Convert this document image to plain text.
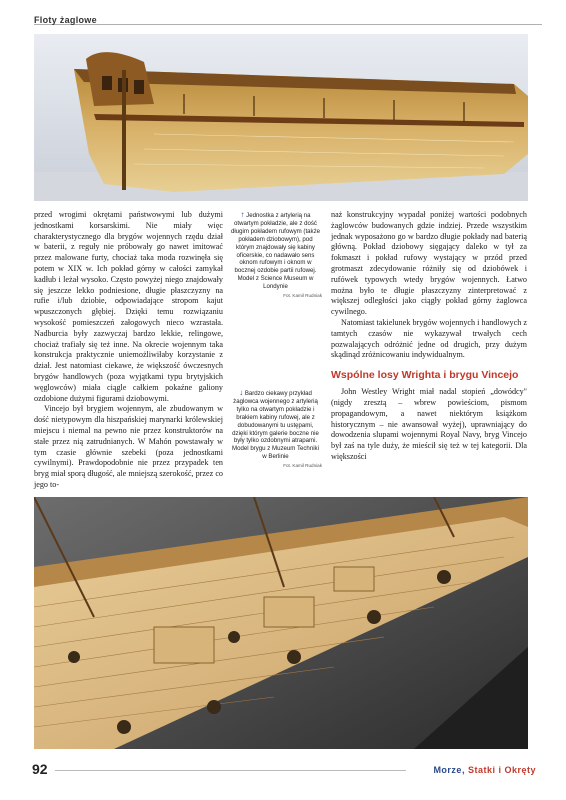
Floty żaglowe

przed wrogimi okrętami państwowymi lub dużymi jednostkami korsarskimi. Nie miały więc charakterystycznego dla brygów wojennych rzędu dział w baterii, z reguły nie próbowały go nawet imitować przez malowane furty, chociaż taka moda rozwinęła się potem w XIX w. Ich pokład górny w całości zamykał kadłub i leżał wysoko. Często powyżej niego znajdowały się jeszcze lekko podniesione, długie płaszczyzny na rufie i/lub dziobie, odpowiadające stropom kajut wpuszczonych głębiej. Dzięki temu rozwiązaniu wysokość pomieszczeń załogowych nieco wzrastała. Nadburcia były zazwyczaj bardzo lekkie, relingowe, chociaż trafiały się też inne. Na okrecie wojennym taka konstrukcja praktycznie uniemożliwiłaby korzystanie z dział. Jest natomiast ciekawe, że większość ówczesnych brygów handlowych (poza wyjątkami typu brytyjskich węglowców) miała ciągle całkiem pokaźne galiony ozdobione dużymi figurami dziobowymi.

Vincejo był brygiem wojennym, ale zbudowanym w dość nietypowym dla hiszpańskiej marynarki królewskiej miejscu i niemal na pewno nie przez konstruktorów na stałe przez nią zatrudnianych. W Mahón powstawały w tym czasie głównie szebeki (poza jednostkami cywilnymi). Prawdopodobnie nie przez przypadek ten bryg miał sporą długość, ale mniejszą szerokość, przez co jego to-

↑ Jednostka z artylerią na otwartym pokładzie, ale z dość długim pokładem rufowym (także pokładem dziobowym), pod którym znajdowały się kabiny oficerskie, co nadawało sens oknom rufowym i oknom w bocznej ozdobie partii rufowej. Model z Science Museum w Londynie
Fot. Kamil Rudniak
↓ Bardzo ciekawy przykład żaglowca wojennego z artylerią tylko na otwartym pokładzie i brakiem kabiny rufowej, ale z dobudowanymi tu ustępami, dzięki którym galerie boczne nie były tylko ozdobnymi atrapami. Model brygu z Muzeum Techniki w Berlinie
Fot. Kamil Rudniak

naż konstrukcyjny wypadał poniżej wartości podobnych żaglowców budowanych gdzie indziej. Przede wszystkim jednak wyposażono go w bardzo długie pokłady nad baterią główną. Pokład dziobowy sięgający daleko w tył za fokmaszt i pokład rufowy wystający w przód przed grotmaszt zdecydowanie różniły się od dziobówek i rufówek typowych wtedy brygów wojennych. Łatwo można było te długie płaszczyzny zinterpretować z większej odległości jako ciągły pokład górny żaglowca cywilnego.

Natomiast takielunek brygów wojennych i handlowych z tamtych czasów nie wykazywał trwałych cech pozwalających odróżnić jedne od drugich, przy dużym skądinąd zróżnicowaniu indywidualnym.

Wspólne losy Wrighta i brygu Vincejo

John Westley Wright miał nadal stopień „dowódcy" (nigdy zresztą – wbrew powieściom, pismom propagandowym, a nawet niektórym książkom historycznym – nie awansował wyżej), uprawniający do dowodzenia slupami wojennymi Royal Navy, bryg Vincejo był zaś na tyle duży, że mieścił się też w tej kategorii. Dla większości

92	Morze, Statki i Okręty
